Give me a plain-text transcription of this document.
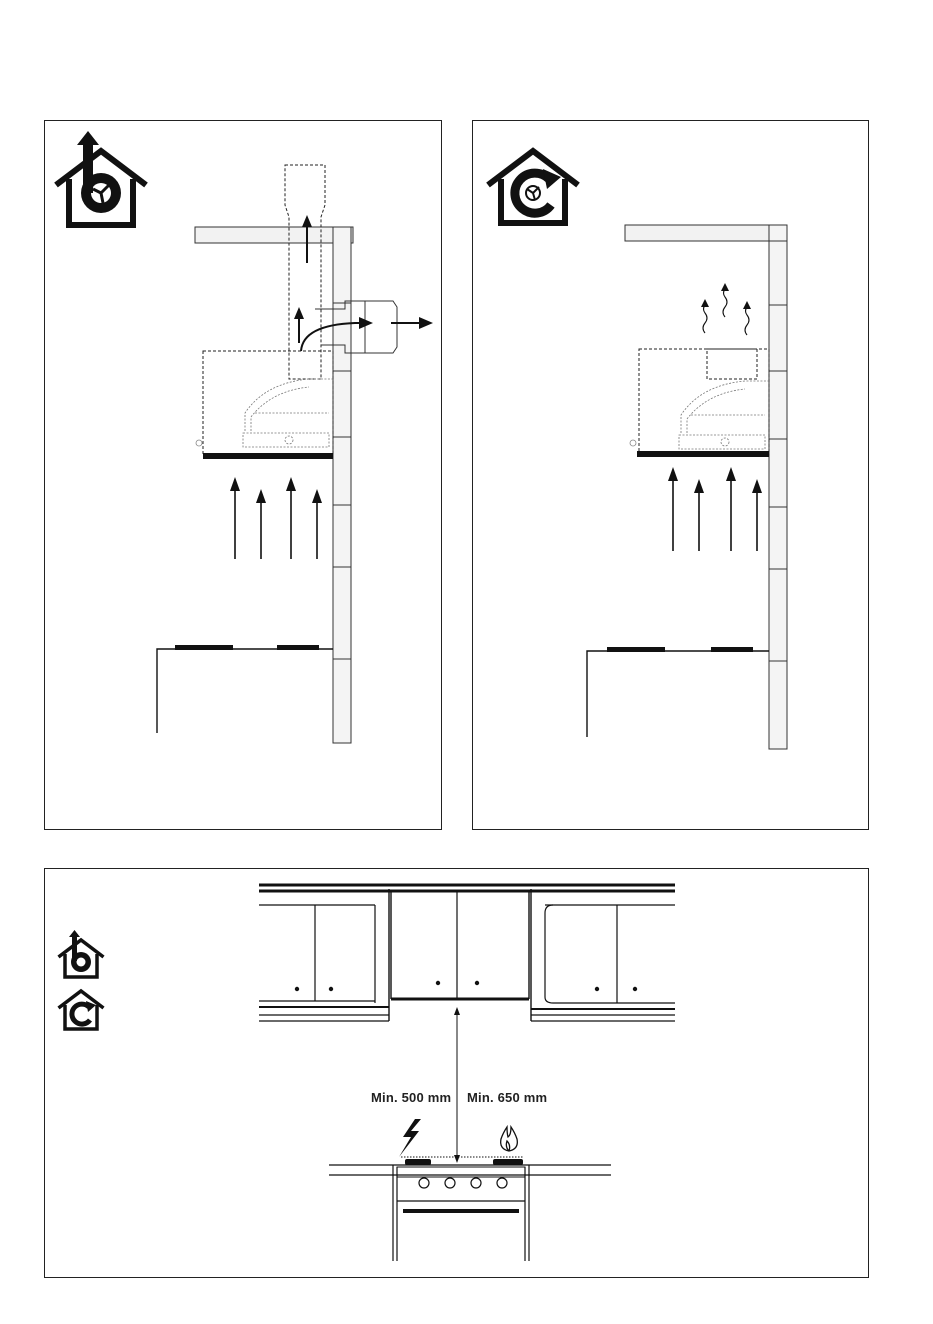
Min. 500 mm Min. 650 mm
